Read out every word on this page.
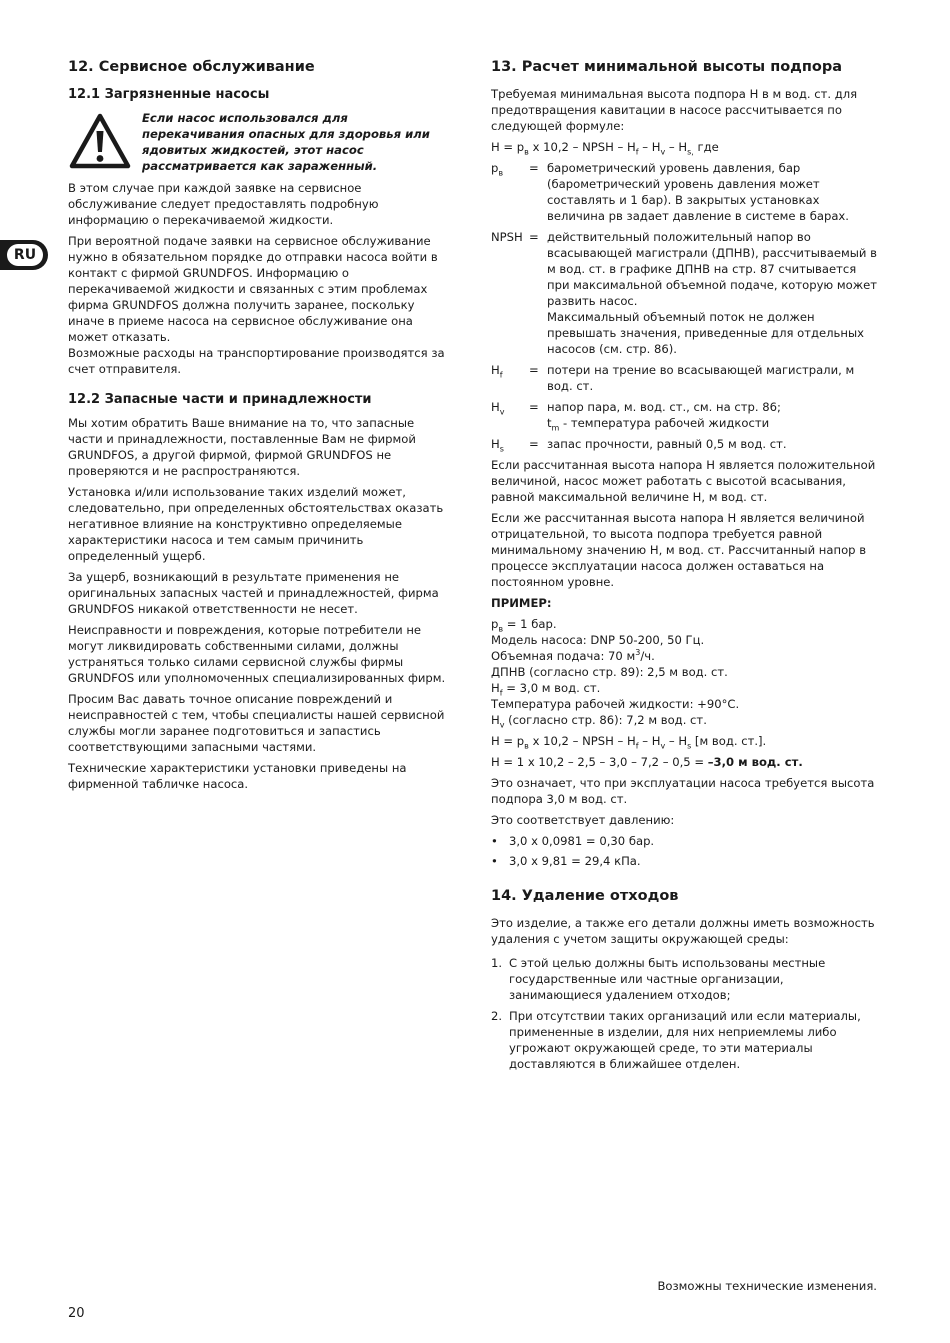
RU
12. Сервисное обслуживание
12.1 Загрязненные насосы
Если насос использовался для перекачивания опасных для здоровья или ядовитых жидкостей, этот насос рассматривается как зараженный.

В этом случае при каждой заявке на сервисное обслуживание следует предоставлять подробную информацию о перекачиваемой жидкости.

При вероятной подаче заявки на сервисное обслуживание нужно в обязательном порядке до отправки насоса войти в контакт с фирмой GRUNDFOS. Информацию о перекачиваемой жидкости и связанных с этим проблемах фирма GRUNDFOS должна получить заранее, поскольку иначе в приеме насоса на сервисное обслуживание она может отказать.

Возможные расходы на транспортирование производятся за счет отправителя.

12.2 Запасные части и принадлежности

Мы хотим обратить Ваше внимание на то, что запасные части и принадлежности, поставленные Вам не фирмой GRUNDFOS, а другой фирмой, фирмой GRUNDFOS не проверяются и не распространяются.

Установка и/или использование таких изделий может, следовательно, при определенных обстоятельствах оказать негативное влияние на конструктивно определяемые характеристики насоса и тем самым причинить определенный ущерб.

За ущерб, возникающий в результате применения не оригинальных запасных частей и принадлежностей, фирма GRUNDFOS никакой ответственности не несет.

Неисправности и повреждения, которые потребители не могут ликвидировать собственными силами, должны устраняться только силами сервисной службы фирмы GRUNDFOS или уполномоченных специализированных фирм.

Просим Вас давать точное описание повреждений и неисправностей с тем, чтобы специалисты нашей сервисной службы могли заранее подготовиться и запастись соответствующими запасными частями.

Технические характеристики установки приведены на фирменной табличке насоса.

13. Расчет минимальной высоты подпора

Требуемая минимальная высота подпора H в м вод. ст. для предотвращения кавитации в насосе рассчитывается по следующей формуле:

$H = p_в$ x 10,2 – NPSH – $H_f - H_v - H_{s,}$ где

$p_в$	= барометрический уровень давления, бар (барометрический уровень давления может составлять и 1 бар). В закрытых установках величина рв задает давление в системе в барах.
NPSH = действительный положительный напор во всасывающей магистрали (ДПНВ), рассчитываемый в м вод. ст. в графике ДПНВ на стр. 87 считывается при максимальной объемной подаче, которую может развить насос.
Максимальный объемный поток не должен превышать значения, приведенные для отдельных насосов (см. стр. 86).
$H_f$	= потери на трение во всасывающей магистрали, м вод. ст.
$H_v$	= напор пара, м. вод. ст., см. на стр. 86;
$t_m$ - температура рабочей жидкости
$H_s$	= запас прочности, равный 0,5 м вод. ст.

Если рассчитанная высота напора H является положительной величиной, насос может работать с высотой всасывания, равной максимальной величине H, м вод. ст.

Если же рассчитанная высота напора H является величиной отрицательной, то высота подпора требуется равной минимальному значению H, м вод. ст. Рассчитанный напор в процессе эксплуатации насоса должен оставаться на постоянном уровне.

ПРИМЕР:

$p_в = 1$ бар.

Модель насоса: DNP 50-200, 50 Гц.

Объемная подача: 70 $м^3/ч$.

ДПНВ (согласно стр. 89): 2,5 м вод. ст.

$H_f = 3,0$ м вод. ст.

Температура рабочей жидкости: +90°C.

$H_v$ (согласно стр. 86): 7,2 м вод. ст.

$H = p_в$ x 10,2 – NPSH – $H_f - H_v - H_s$ [м вод. ст.].

H = 1 x 10,2 – 2,5 – 3,0 – 7,2 – 0,5 = –3,0 м вод. ст.

Это означает, что при эксплуатации насоса требуется высота подпора 3,0 м вод. ст.

Это соответствует давлению:

• 3,0 x 0,0981 = 0,30 бар.
• 3,0 x 9,81 = 29,4 кПа.
14. Удаление отходов

Это изделие, а также его детали должны иметь возможность удаления с учетом защиты окружающей среды:

1. С этой целью должны быть использованы местные государственные или частные организации, занимающиеся удалением отходов;
2. При отсутствии таких организаций или если материалы, примененные в изделии, для них неприемлемы либо угрожают окружающей среде, то эти материалы доставляются в ближайшее отделен.
Возможны технические изменения.
20
